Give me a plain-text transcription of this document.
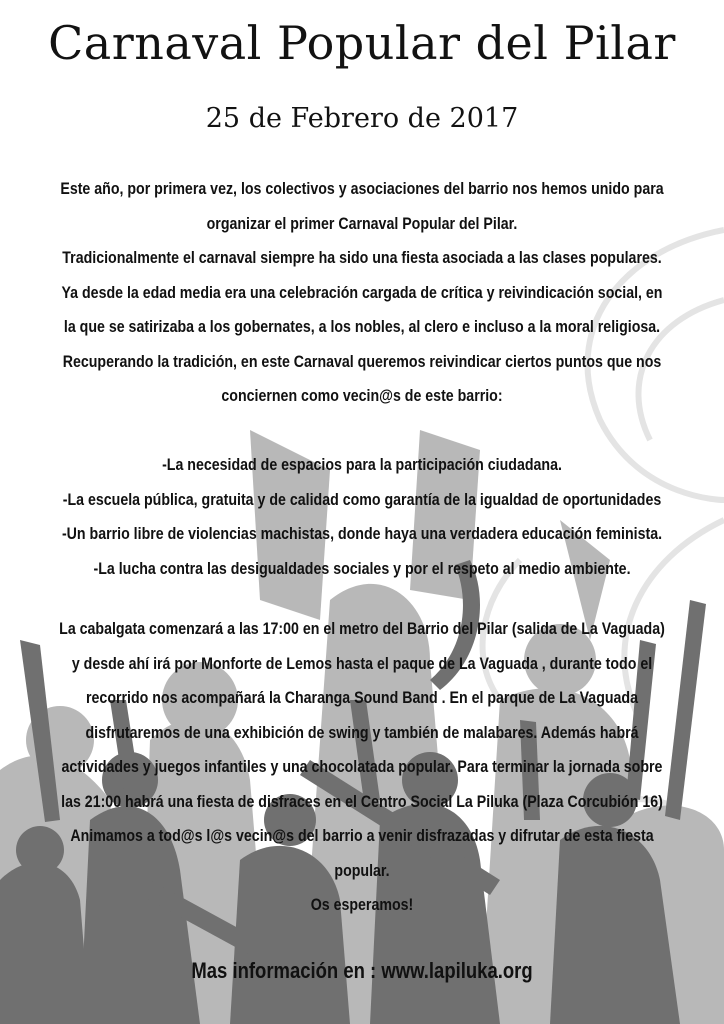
Carnaval Popular del Pilar
25 de Febrero de 2017

Este año, por primera vez, los colectivos y asociaciones del barrio nos hemos unido para
organizar el primer Carnaval Popular del Pilar.
Tradicionalmente el carnaval siempre ha sido una fiesta asociada a las clases populares.
Ya desde la edad media era una celebración cargada de crítica y reivindicación social, en
la que se satirizaba a los gobernates, a los nobles, al clero e incluso a la moral religiosa.
Recuperando la tradición, en este Carnaval queremos reivindicar ciertos puntos que nos
conciernen como vecin@s de este barrio:

-La necesidad de espacios para la participación ciudadana.
-La escuela pública, gratuita y de calidad como garantía de la igualdad de oportunidades
-Un barrio libre de violencias machistas, donde haya una verdadera educación feminista.
-La lucha contra las desigualdades sociales y por el respeto al medio ambiente.

La cabalgata comenzará a las 17:00 en el metro del Barrio del Pilar (salida de La Vaguada)
y desde ahí irá por Monforte de Lemos hasta el paque de La Vaguada , durante todo el
recorrido nos acompañará la Charanga Sound Band . En el parque de La Vaguada
disfrutaremos de una exhibición de swing y también de malabares. Además habrá
actividades y juegos infantiles y una chocolatada popular. Para terminar la jornada sobre
las 21:00 habrá una fiesta de disfraces en el Centro Social La Piluka (Plaza Corcubión 16)
Animamos a tod@s l@s vecin@s del barrio a venir disfrazadas y difrutar de esta fiesta
popular.
Os esperamos!

Mas información en : www.lapiluka.org
